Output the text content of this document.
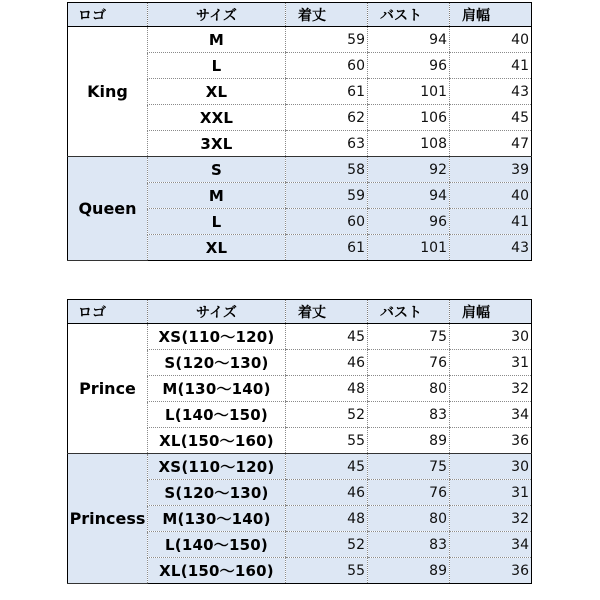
ロゴ	サイズ	着丈	バスト	肩幅
King	M	59	94	40
	L	60	96	41
	XL	61	101	43
	XXL	62	106	45
	3XL	63	108	47
Queen	S	58	92	39
	M	59	94	40
	L	60	96	41
	XL	61	101	43
ロゴ	サイズ	着丈	バスト	肩幅
Prince	XS(110～120)	45	75	30
	S(120～130)	46	76	31
	M(130～140)	48	80	32
	L(140～150)	52	83	34
	XL(150～160)	55	89	36
Princess	XS(110～120)	45	75	30
	S(120～130)	46	76	31
	M(130～140)	48	80	32
	L(140～150)	52	83	34
	XL(150～160)	55	89	36
